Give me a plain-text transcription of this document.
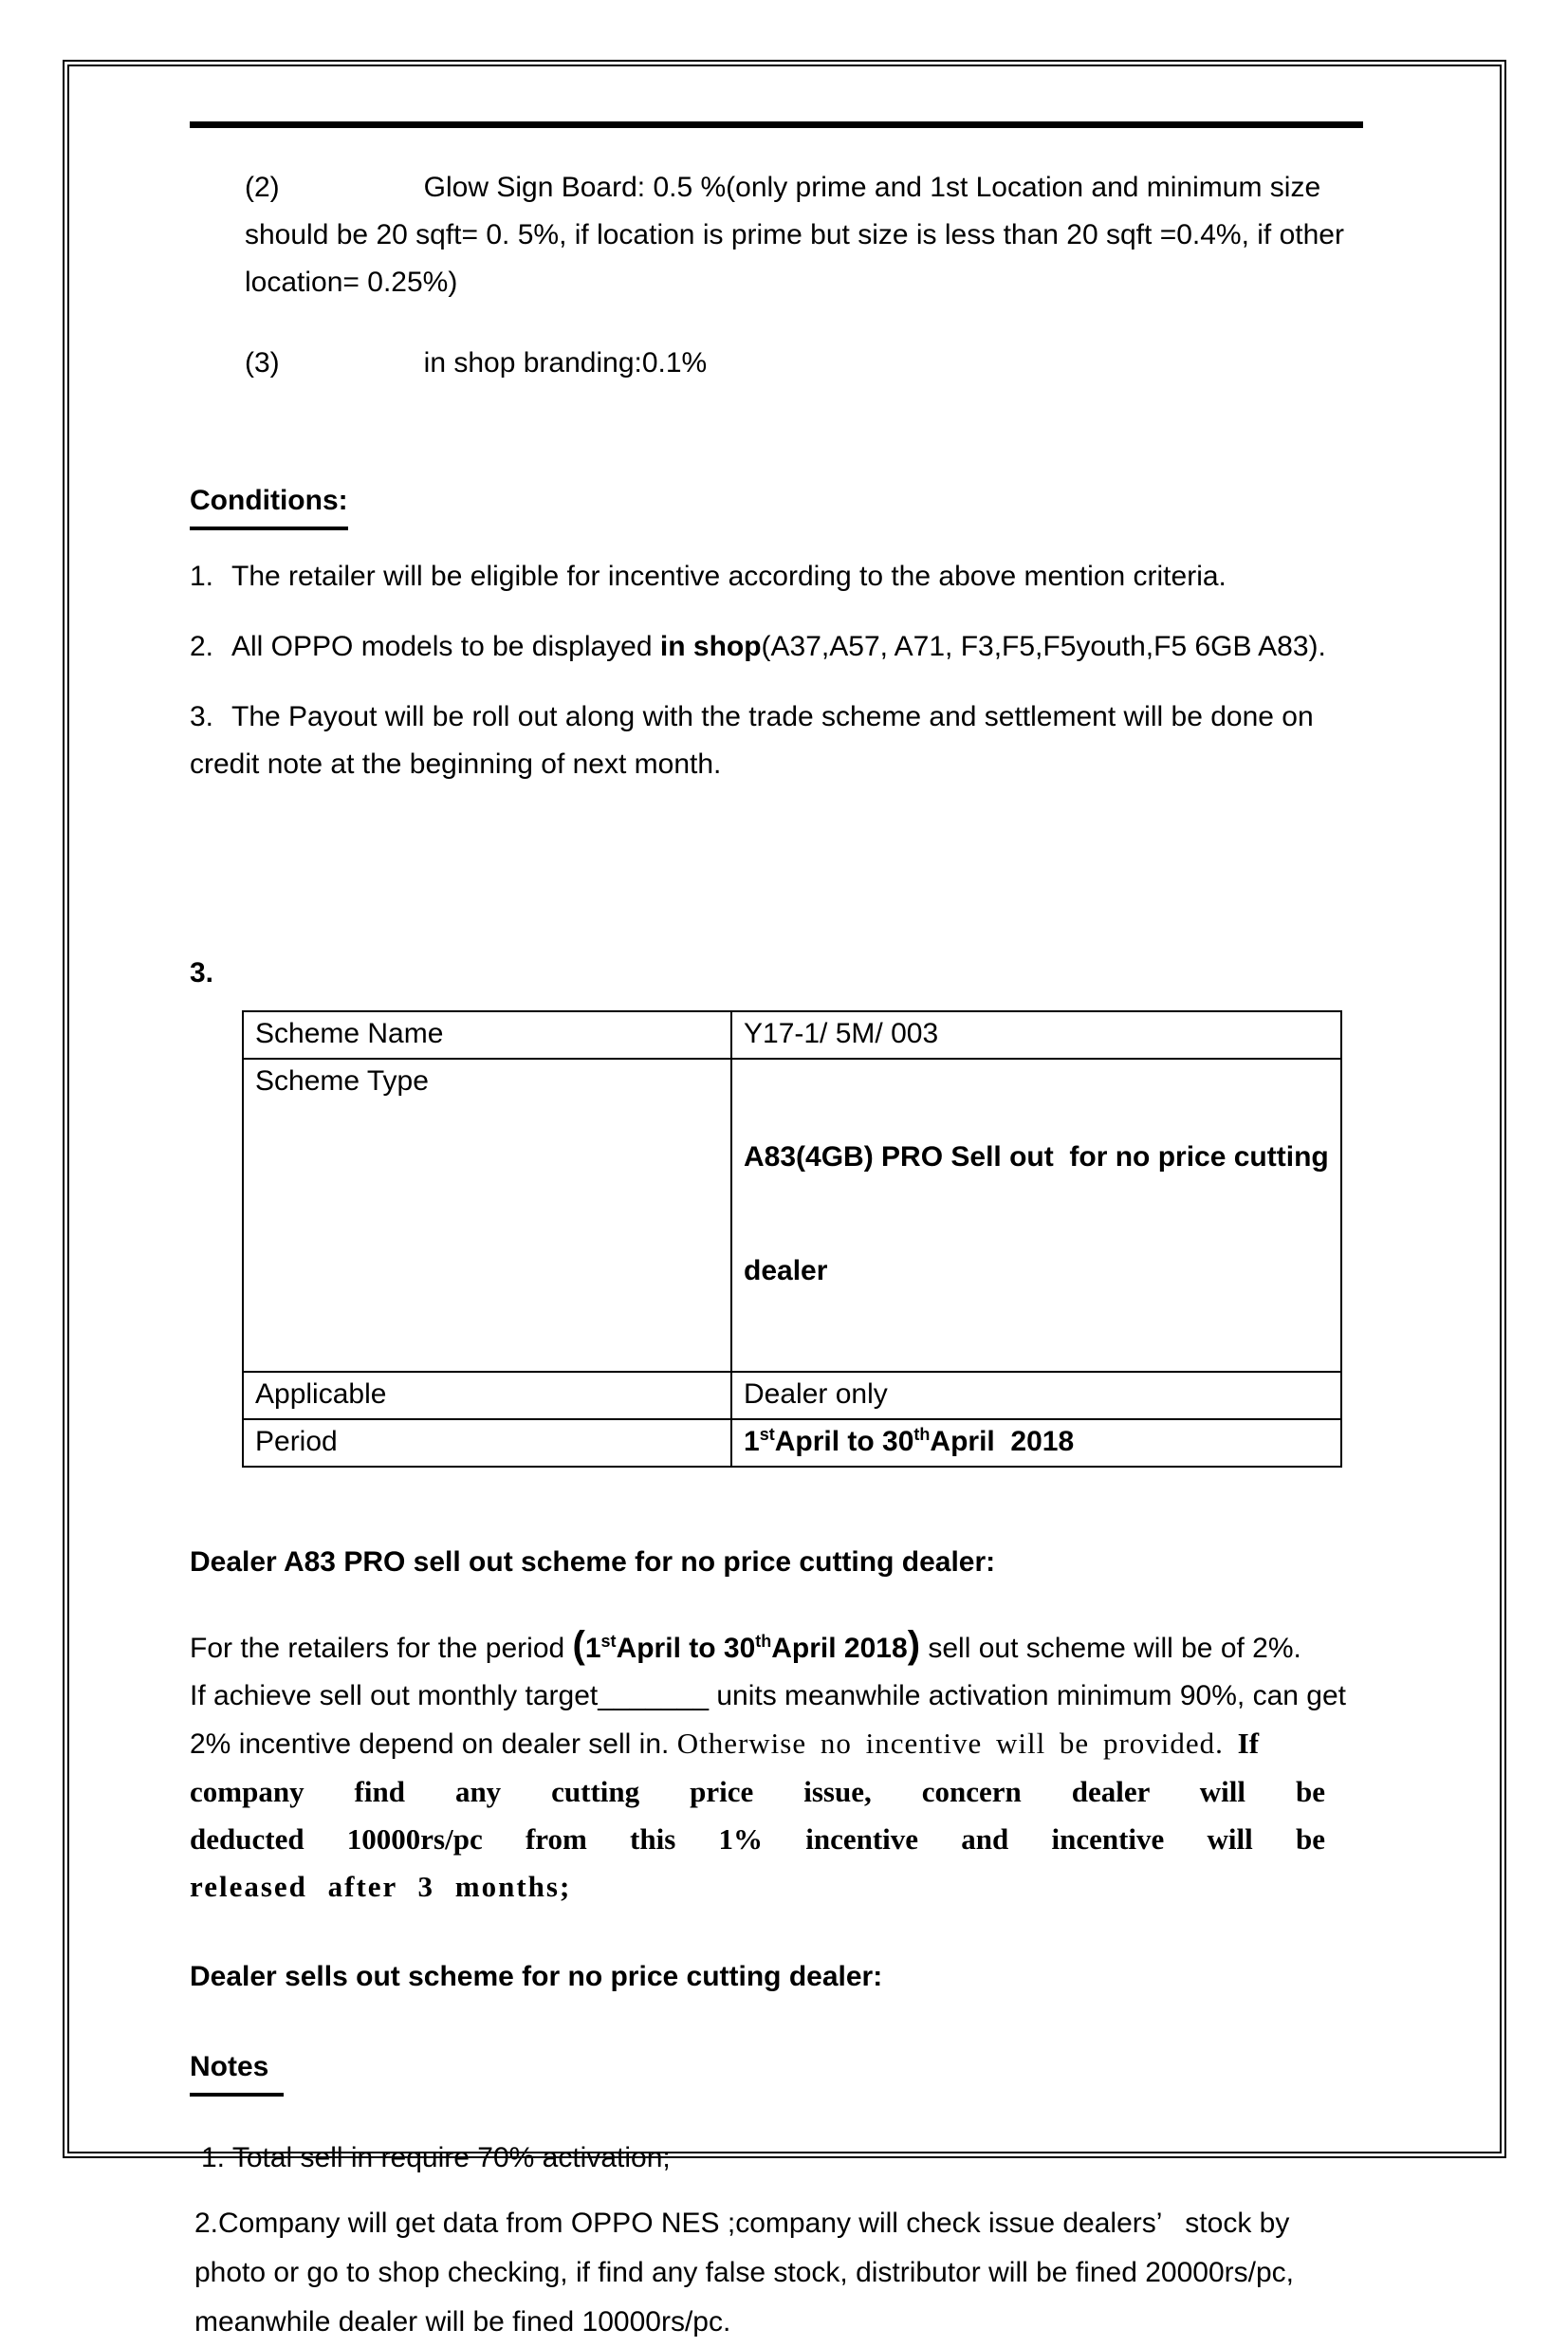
(2)	Glow Sign Board: 0.5 %(only prime and 1st Location and minimum size
should be 20 sqft= 0. 5%, if location is prime but size is less than 20 sqft =0.4%, if other
location= 0.25%)
(3)	in shop branding:0.1%
Conditions:
1. The retailer will be eligible for incentive according to the above mention criteria.
2. All OPPO models to be displayed in shop(A37,A57, A71, F3,F5,F5youth,F5 6GB A83).
3. The Payout will be roll out along with the trade scheme and settlement will be done on
credit note at the beginning of next month.
3.
Scheme Name	Y17-1/ 5M/ 003
Scheme Type	A83(4GB) PRO Sell out  for no price cutting

dealer

Applicable	Dealer only
Period	1stApril to 30thApril  2018
Dealer A83 PRO sell out scheme for no price cutting dealer:
For the retailers for the period (1stApril to 30thApril 2018) sell out scheme will be of 2%.
If achieve sell out monthly target_______ units meanwhile activation minimum 90%, can get
2% incentive depend on dealer sell in. Otherwise no incentive will be provided. If
company find any cutting price issue, concern dealer will be
deducted 10000rs/pc from this 1% incentive and incentive will be
released after 3 months;
Dealer sells out scheme for no price cutting dealer:
Notes
1. Total sell in require 70% activation;
2.Company will get data from OPPO NES ;company will check issue dealers’   stock by
photo or go to shop checking, if find any false stock, distributor will be fined 20000rs/pc,
meanwhile dealer will be fined 10000rs/pc.
